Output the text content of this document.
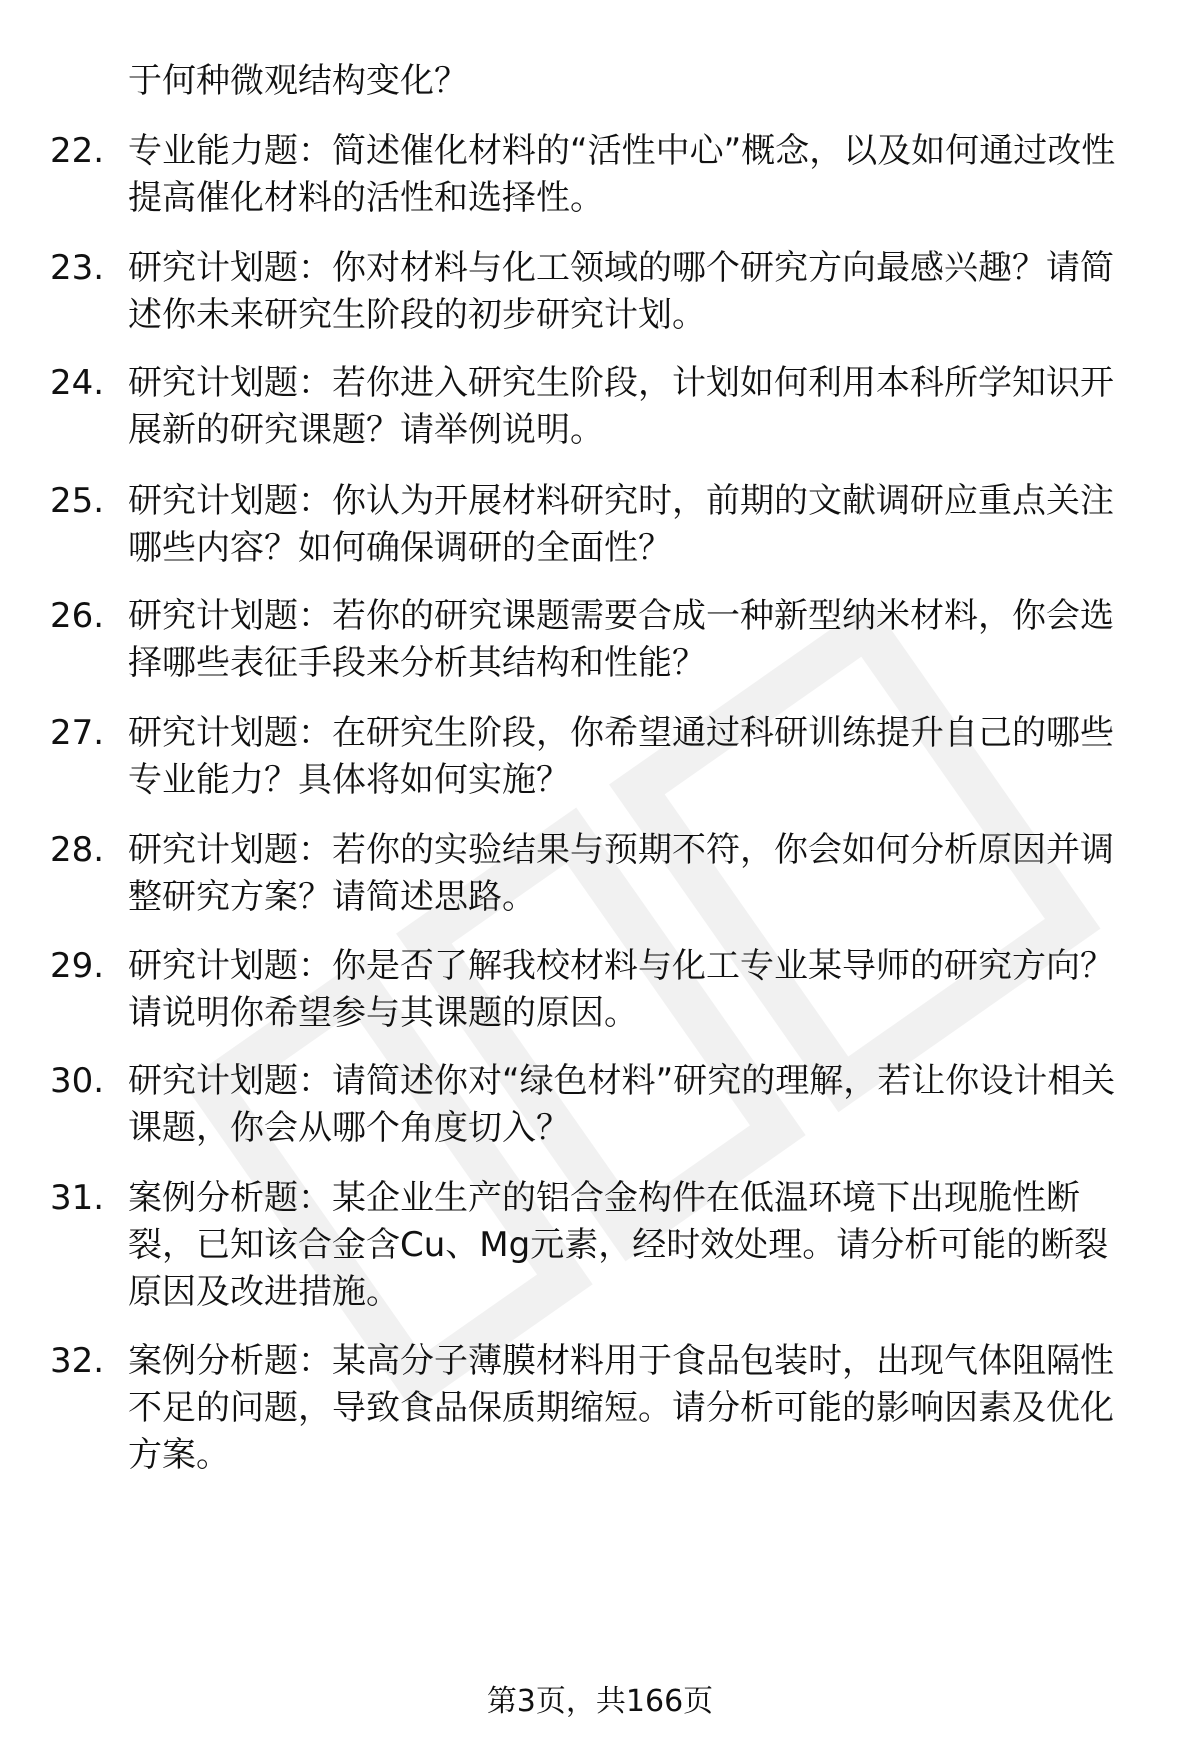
于何种微观结构变化？
22. 专业能力题：简述催化材料的“活性中心”概念，以及如何通过改性提高催化材料的活性和选择性。
23. 研究计划题：你对材料与化工领域的哪个研究方向最感兴趣？请简述你未来研究生阶段的初步研究计划。
24. 研究计划题：若你进入研究生阶段，计划如何利用本科所学知识开展新的研究课题？请举例说明。
25. 研究计划题：你认为开展材料研究时，前期的文献调研应重点关注哪些内容？如何确保调研的全面性？
26. 研究计划题：若你的研究课题需要合成一种新型纳米材料，你会选择哪些表征手段来分析其结构和性能？
27. 研究计划题：在研究生阶段，你希望通过科研训练提升自己的哪些专业能力？具体将如何实施？
28. 研究计划题：若你的实验结果与预期不符，你会如何分析原因并调整研究方案？请简述思路。
29. 研究计划题：你是否了解我校材料与化工专业某导师的研究方向？请说明你希望参与其课题的原因。
30. 研究计划题：请简述你对“绿色材料”研究的理解，若让你设计相关课题，你会从哪个角度切入？
31. 案例分析题：某企业生产的铝合金构件在低温环境下出现脆性断裂，已知该合金含Cu、Mg元素，经时效处理。请分析可能的断裂原因及改进措施。
32. 案例分析题：某高分子薄膜材料用于食品包装时，出现气体阻隔性不足的问题，导致食品保质期缩短。请分析可能的影响因素及优化方案。
第3页，共166页
